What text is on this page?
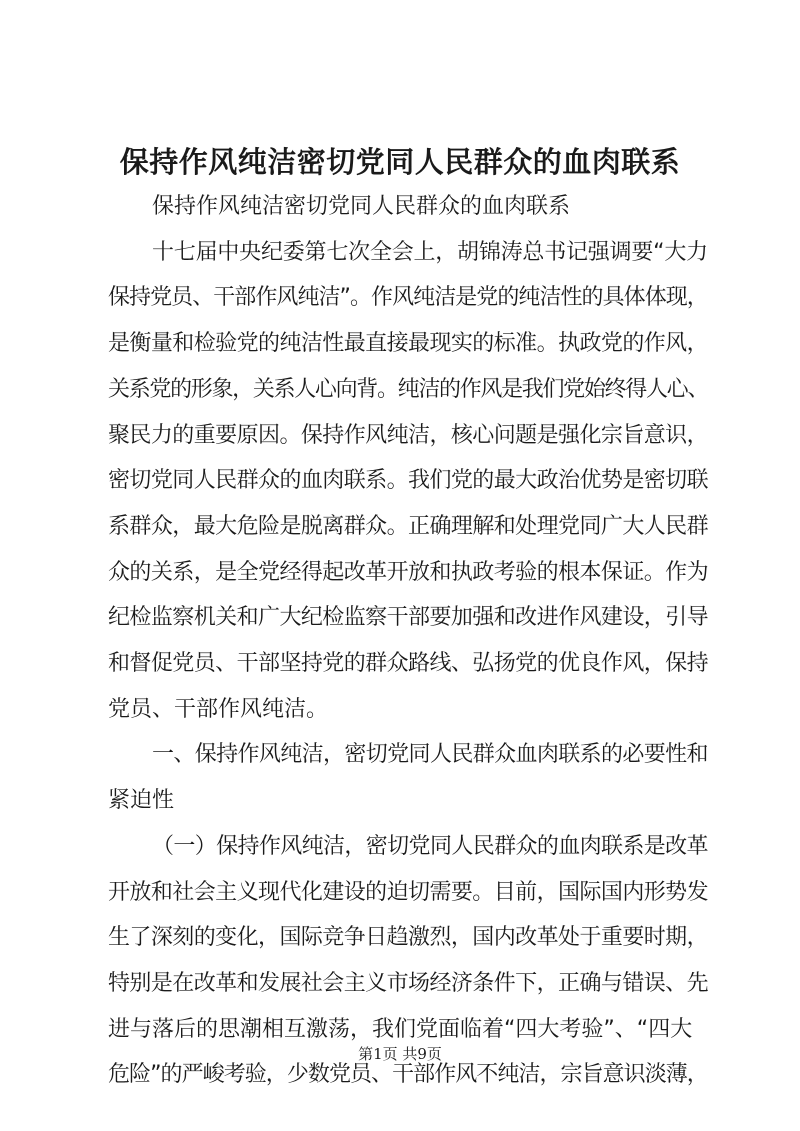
保持作风纯洁密切党同人民群众的血肉联系

保持作风纯洁密切党同人民群众的血肉联系

十七届中央纪委第七次全会上，胡锦涛总书记强调要“大力
保持党员、干部作风纯洁”。作风纯洁是党的纯洁性的具体体现，
是衡量和检验党的纯洁性最直接最现实的标准。执政党的作风，
关系党的形象，关系人心向背。纯洁的作风是我们党始终得人心、
聚民力的重要原因。保持作风纯洁，核心问题是强化宗旨意识，
密切党同人民群众的血肉联系。我们党的最大政治优势是密切联
系群众，最大危险是脱离群众。正确理解和处理党同广大人民群
众的关系，是全党经得起改革开放和执政考验的根本保证。作为
纪检监察机关和广大纪检监察干部要加强和改进作风建设，引导
和督促党员、干部坚持党的群众路线、弘扬党的优良作风，保持
党员、干部作风纯洁。

一、保持作风纯洁，密切党同人民群众血肉联系的必要性和
紧迫性

（一）保持作风纯洁，密切党同人民群众的血肉联系是改革
开放和社会主义现代化建设的迫切需要。目前，国际国内形势发
生了深刻的变化，国际竞争日趋激烈，国内改革处于重要时期，
特别是在改革和发展社会主义市场经济条件下，正确与错误、先
进与落后的思潮相互激荡，我们党面临着“四大考验”、“四大
危险”的严峻考验，少数党员、干部作风不纯洁，宗旨意识淡薄，

第1页 共9页
